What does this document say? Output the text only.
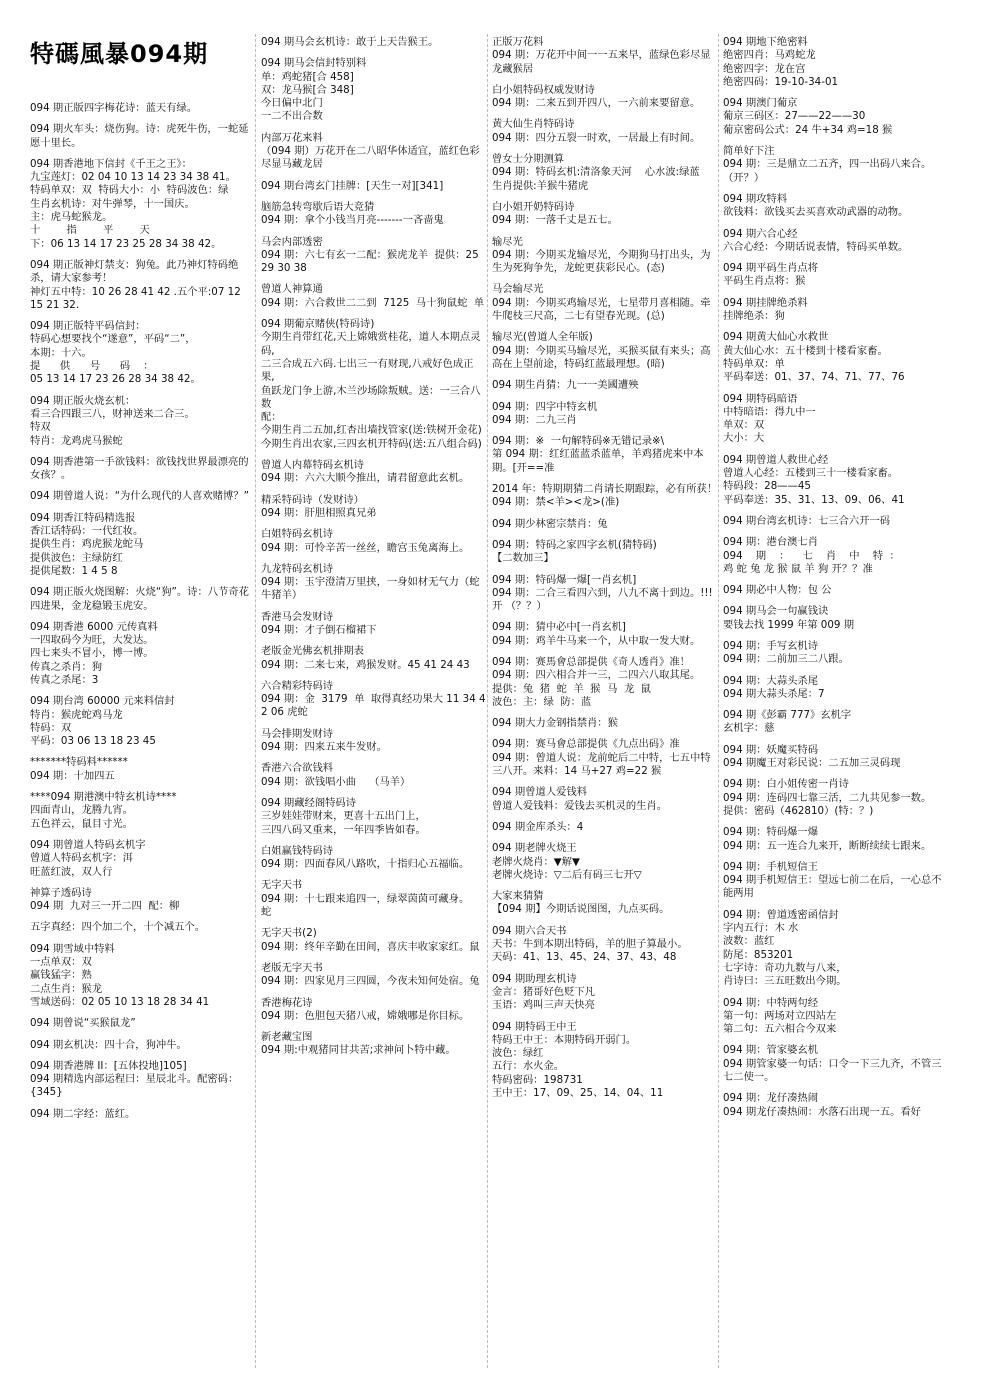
特碼風暴094期
094 期正版四字梅花诗：蓝天有绿。
094 期火车头：烧伤狗。诗：虎死牛伤，一蛇延愿十里长。
094 期香港地下信封《千王之王》：
九宝莲灯：02 04 10 13 14 23 34 38 41。
特码单双：双  特码大小：小  特码波色：绿
生肖玄机诗：对牛弹琴，十一国庆。
主：虎马蛇猴龙。
十        指        平        天
下：06 13 14 17 23 25 28 34 38 42。
094 期正版神灯禁支：狗兔。此乃神灯特码绝杀，请大家参考！
神灯五中特：10 26 28 41 42 .五个平:07 12 15 21 32.
094 期正版特平码信封：
特码心想要找个“遂意”，平码“二”，
本期：十六。
提      供      号      码    ：
05 13 14 17 23 26 28 34 38 42。
094 期正版火烧玄机：
看三合四跟三八，财神送来二合三。
特双
特肖：龙鸡虎马猴蛇
094 期香港第一手欲钱料：欲钱找世界最漂亮的女孩？。
094 期曾道人说：“为什么现代的人喜欢赌博？”
094 期香江特码精选报
香江话特码：一代红妆。
提供生肖：鸡虎猴龙蛇马
提供波色：主绿防红
提供尾数：1 4 5 8
094 期正版火烧图解：火烧“狗”。诗：八节奇花四进果，金龙稳锻玉虎安。
094 期香港 6000 元传真料
一四取码今为旺，大发达。
四七来头不冒小，博一博。
传真之杀肖：狗
传真之杀尾：3
094 期台湾 60000 元来料信封
特肖：猴虎蛇鸡马龙
特码：双
平码：03 06 13 18 23 45
*******特码料******
094 期：十加四五
****094 期港澳中特玄机诗****
四面青山，龙腾九宵。
五色祥云，鼠目寸光。
094 期曾道人特码玄机字
曾道人特码玄机字：洱
旺蓝红波，双人行
神算子透码诗
094 期  九对三一开二四  配：柳
五字真经：四个加二个，十个减五个。
094 期雪域中特料
一点单双：双
赢钱猛字：熟
二点生肖：猴龙
雪域送码：02 05 10 13 18 28 34 41
094 期曾说“买猴鼠龙”
094 期玄机决：四十合，狗冲牛。
094 期香港牌 II：[五体投地]105]
094 期精选内部运程曰：星辰北斗。配密码：{345}
094 期二字经：蓝红。
094 期马会玄机诗：敢于上天告猴王。
094 期马会信封特别料
单：鸡蛇猪[合 458]
双：龙马猴[合 348]
今日偏中北门
一二不出合数
内部万花来料
（094 期）万花开在二八昭华体适宜，蓝红色彩尽显马藏龙居
094 期台湾玄门挂牌：[天生一对][341]
脑筋急转弯歇后语大竞猜
094 期：拿个小钱当月亮-------一吝啬鬼
马会内部透密
094 期：六七有玄一二配：猴虎龙羊  提供：25 29 30 38
曾道人神算通
094 期：六合救世二二到  7125  马十狗鼠蛇  单
094 期葡京赌侠(特码诗)
今期生肖带红花,天上嫦娥赏桂花，道人本期点灵码,
二三合成五六码.七出三一有财现,八戒好色成正果,
鱼跃龙门争上游,木兰沙场除叛贼。送：一三合八数
配：
今期生肖二五加,红杏出墙找管家(送:铁树开金花)
今期生肖出农家,三四玄机开特码(送:五八组合码)
曾道人内幕特码玄机诗
094 期：六六大顺今推出，请君留意此玄机。
精采特码诗（发财诗）
094 期：肝胆相照真兄弟
白姐特码玄机诗
094 期：可怜辛苦一丝丝，瞻宫玉兔离海上。
九龙特码玄机诗
094 期：玉宇澄清万里挟，一身如材无气力（蛇牛猪羊）
香港马会发财诗
094 期：才子倒石榴裙下
老版金光佛玄机排期表
094 期：二来七来，鸡猴发财。45 41 24 43
六合精彩特码诗
094 期：金  3179  单  取得真经功果大 11 34 42 06 虎蛇
马会排期发财诗
094 期：四来五来牛发财。
香港六合欲钱料
094 期：欲钱唱小曲    （马羊）
094 期藏经阁特码诗
三岁娃娃带财来，更喜十五出门上，
三四八码又重来，一年四季皆如春。
白姐赢钱特码诗
094 期：四面春风八路吹，十指归心五福临。
无字天书
094 期：十七跟来追四一，绿翠茵茵可藏身。  蛇
无字天书(2)
094 期：终年辛勤在田间，喜庆丰收家家红。鼠
老版无字天书
094 期：四家见月三四圆，今夜未知何处宿。兔
香港梅花诗
094 期：色胆包天猪八戒，嫦娥哪是你目标。
新老藏宝图
094 期:中观猪同甘共苦;求神问卜特中藏。
正版万花料
094 期：万花开中间一一五来早，蓝绿色彩尽显龙藏猴居
白小姐特码权威发财诗
094 期：二来五到开四八，一六前来要留意。
黄大仙生肖特码诗
094 期：四分五裂一时欢，一居最上有时间。
曾女士分期测算
094 期：特码玄机:清洛象天河    心水波:绿蓝    生肖提供:羊猴牛猪虎
白小姐开奶特码诗
094 期：一落千丈是五七。
输尽光
094 期：今期买龙输尽光，今期狗马打出头，为生为死狗争先，龙蛇更获彩民心。(态)
马会输尽光
094 期：今期买鸡输尽光，七星带月喜相随。牵牛爬枝三尺高，二七有望春光现。(总)
输尽光(曾道人全年版)
094 期：今期买马输尽光，买猴买鼠有来头；高高在上望前途，特码红蓝最理想。(暗)
094 期生肖猜：九一一美國遭殃
094 期：四字中特玄机
094 期：二九三肖
094 期：※  一句解特码※无错记录※\
第 094 期：红红蓝蓝杀蓝单，羊鸡猪虎来中本期。[开==准
2014 年：特期期猜二肖请长期跟踪，必有所获！
094 期：禁<羊><龙>(准)
094 期少林密宗禁肖：兔
094 期：特码之家四字玄机(猜特码)
【二数加三】
094 期：特码爆一爆[一肖玄机]
094 期：二合三看四六到，八九不离十到边。!!!  开 （？？）
094 期：猜中必中[一肖玄机]
094 期：鸡羊牛马来一个，从中取一发大财。
094 期：赛馬會总部提供《奇人透肖》准！
094 期：四六相合并一三，二四六八取其尾。
提供：兔  猪  蛇  羊  猴  马  龙  鼠
波色：主：绿  防：蓝
094 期大力金钢指禁肖：猴
094 期：赛马會总部提供《九点出码》准
094 期：曾道人说：龙前蛇后二中特，七五中特三八开。来料：14 马+27 鸡=22 猴
094 期曾道人爱钱料
曾道人爱钱料：爱钱去买机灵的生肖。
094 期金库杀头：4
094 期老牌火烧王
老牌火烧肖：▼解▼
老牌火烧诗：▽二后有码三七开▽
大家来猜猜
【094 期】今期话说图图，九点买码。
094 期六合天书
天书：牛到本期出特码，羊的胆子算最小。
天码：41、13、45、24、37、43、48
094 期助理玄机诗
金言：猪哥好色贬下凡
玉语：鸡叫三声天快亮
094 期特码王中王
特码王中王：本期特码开弱门。
波色：绿红
五行：水火金。
特码密码：198731
王中王：17、09、25、14、04、11
094 期地下绝密料
绝密四肖：马鸡蛇龙
绝密四字：龙在宫
绝密四码：19-10-34-01
094 期澳门葡京
葡京三码区：27——22——30
葡京密码公式：24 牛+34 鸡=18 猴
简单好下注
094 期：三是鼎立二五齐，四一出码八来合。（开？）
094 期攻特料
欲钱料：欲钱买去买喜欢动武器的动物。
094 期六合心经
六合心经：今期话说表情，特码买单数。
094 期平码生肖点将
平码生肖点将：猴
094 期挂牌绝杀料
挂牌绝杀：狗
094 期黄大仙心水救世
黄大仙心水：五十楼到十楼看家畜。
特码单双：单
平码奉送：01、37、74、71、77、76
094 期特码暗语
中特暗语：得九中一
单双：双
大小：大
094 期曾道人救世心经
曾道人心经：五楼到三十一楼看家畜。
特码段：28——45
平码奉送：35、31、13、09、06、41
094 期台湾玄机诗：七三合六开一码
094 期：港台澳七肖
094    期    ：    七    肖    中    特  ：
鸡 蛇 兔 龙 猴 鼠 羊 狗 开？？准
094 期必中人物：包 公
094 期马会一句赢钱诀
要钱去找 1999 年第 009 期
094 期：手写玄机诗
094 期：二前加三二八跟。
094 期：大蒜头杀尾
094 期大蒜头杀尾：7
094 期《彭霸 777》玄机字
玄机字：慈
094 期：妖魔买特码
094 期魔王对彩民说：二五加三灵码现
094 期：白小姐传密一肖诗
094 期：连码四七靠三活，二九共见参一数。
提供：密码（462810）(特：？)
094 期：特码爆一爆
094 期：五一连合九来开，断断续续七跟来。
094 期：手机短信王
094 期手机短信王：望远七前二在后，一心总不能两用
094 期：曾道透密函信封
字内五行：木 水
波数：蓝红
防尾：853201
七字诗：奇功九数与八来，
肖诗曰：三五旺数出今期。
094 期：中特两句经
第一句：两场对立四站左
第二句：五六相合今双来
094 期：管家婆玄机
094 期管家婆一句话：口令一下三九齐，不管三七二使一。
094 期：龙仔凑热闹
094 期龙仔凑热闹：水落石出现一五。看好
